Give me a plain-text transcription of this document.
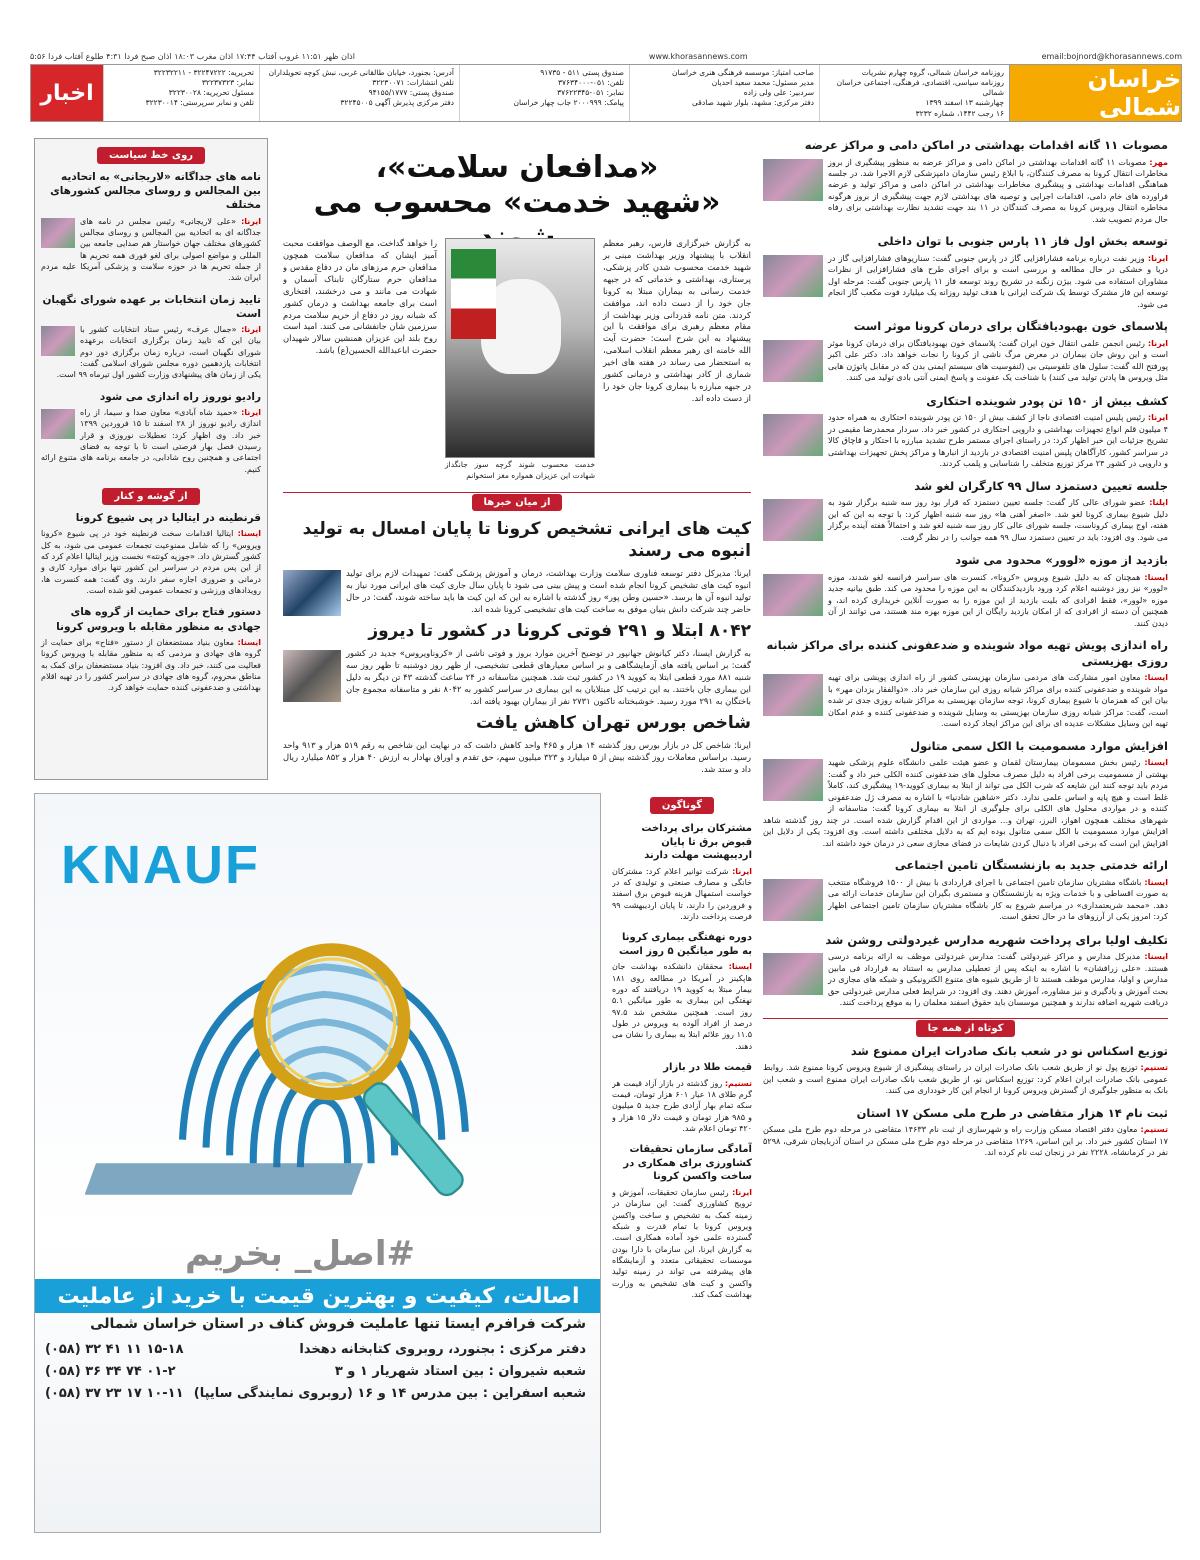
اذان ظهر ۱۱:۵۱ غروب آفتاب ۱۷:۴۴ اذان مغرب ۱۸:۰۳ اذان صبح فردا ۴:۳۱ طلوع آفتاب فردا ۵:۵۶	www.khorasannews.com	email:bojnord@khorasannews.com
خراسان شمالی
روزنامه خراسان شمالی، گروه چهارم نشریات
روزنامه سیاسی، اقتصادی، فرهنگی، اجتماعی خراسان شمالی
چهارشنبه ۱۳ اسفند ۱۳۹۹
۱۶ رجب ۱۴۴۲، شماره ۳۲۳۲
صاحب امتیاز: موسسه فرهنگی هنری خراسان
مدیر مسئول: محمد سعید احدیان
سردبیر: علی ولی زاده
دفتر مرکزی: مشهد، بلوار شهید صادقی
صندوق پستی ۵۱۱ - ۹۱۷۳۵
تلفن: ۰۵۱-۳۷۶۳۴۰۰۰
نمابر: ۰۵۱-۳۷۶۲۲۳۴۵
پیامک: ۲۰۰۰۹۹۹ جاب چهار خراسان
آدرس: بجنورد، خیابان طالقانی غربی، نبش کوچه تحویلداران
تلفن انتشارات: ۳۲۲۳۰۰۷۱
صندوق پستی: ۹۴۱۵۵/۱۷۷۷
دفتر مرکزی پذیرش آگهی ۳۲۲۴۵۰۰۵
تحریریه: ۳۲۲۴۷۲۲۲ - ۳۲۲۳۲۲۱۱
نمابر: ۳۲۲۳۷۳۲۳
مسئول تحریریه: ۳۲۲۳۰۰۲۸
تلفن و نمابر سرپرستی: ۳۲۲۳۰۰۱۴
اخبار
مصوبات ۱۱ گانه اقدامات بهداشتی در اماکن دامی و مراکز عرضه
مهر: مصوبات ۱۱ گانه اقدامات بهداشتی در اماکن دامی و مراکز عرضه به منظور پیشگیری از بروز مخاطرات انتقال کرونا به مصرف کنندگان، با ابلاغ رئیس سازمان دامپزشکی لازم الاجرا شد. در جلسه هماهنگی اقدامات بهداشتی و پیشگیری مخاطرات بهداشتی در اماکن دامی و مراکز تولید و عرضه فراورده های خام دامی، اقدامات اجرایی و توصیه های بهداشتی لازم جهت پیشگیری از بروز هرگونه مخاطره انتقال ویروس کرونا به مصرف کنندگان در ۱۱ بند جهت تشدید نظارت بهداشتی برای رفاه حال مردم تصویب شد.
توسعه بخش اول فاز ۱۱ پارس جنوبی با توان داخلی
ایرنا: وزیر نفت درباره برنامه فشارافزایی گاز در پارس جنوبی گفت: سناریوهای فشارافزایی گاز در دریا و خشکی در حال مطالعه و بررسی است و برای اجرای طرح های فشارافزایی از نظرات مشاوران استفاده می شود. بیژن زنگنه در تشریح روند توسعه فاز ۱۱ پارس جنوبی گفت: مرحله اول توسعه این فاز مشترک توسط یک شرکت ایرانی با هدف تولید روزانه یک میلیارد فوت مکعب گاز انجام می شود.
پلاسمای خون بهبودیافتگان برای درمان کرونا موثر است
ایرنا: رئیس انجمن علمی انتقال خون ایران گفت: پلاسمای خون بهبودیافتگان برای درمان کرونا موثر است و این روش جان بیماران در معرض مرگ ناشی از کرونا را نجات خواهد داد. دکتر علی اکبر پورفتح الله گفت: سلول های تلفوسیتی بی (لنفوسیت های سیستم ایمنی بدن که در مقابل پاتوژن هایی مثل ویروس ها پادتن تولید می کنند) با شناخت یک عفونت و پاسخ ایمنی آنتی بادی تولید می کنند.
کشف بیش از ۱۵۰ تن پودر شوینده احتکاری
ایرنا: رئیس پلیس امنیت اقتصادی ناجا از کشف بیش از ۱۵۰ تن پودر شوینده احتکاری به همراه حدود ۴ میلیون قلم انواع تجهیزات بهداشتی و دارویی احتکاری در کشور خبر داد. سردار محمدرضا مقیمی در تشریح جزئیات این خبر اظهار کرد: در راستای اجرای مستمر طرح تشدید مبارزه با احتکار و قاچاق کالا در سراسر کشور، کارآگاهان پلیس امنیت اقتصادی در بازدید از انبارها و مراکز پخش تجهیزات بهداشتی و دارویی در کشور ۲۴ مرکز توزیع متخلف را شناسایی و پلمب کردند.
جلسه تعیین دستمزد سال ۹۹ کارگران لغو شد
ایلنا: عضو شورای عالی کار گفت: جلسه تعیین دستمزد که قرار بود روز سه شنبه برگزار شود به دلیل شیوع بیماری کرونا لغو شد. «اصغر آهنی ها» روز سه شنبه اظهار کرد: با توجه به این که این هفته، اوج بیماری کروناست، جلسه شورای عالی کار روز سه شنبه لغو شد و احتمالاً هفته آینده برگزار می شود. وی افزود: باید در تعیین دستمزد سال ۹۹ همه جوانب را در نظر گرفت.
بازدید از موزه «لوور» محدود می شود
ایسنا: همچنان که به دلیل شیوع ویروس «کرونا»، کنسرت های سراسر فرانسه لغو شدند، موزه «لوور» نیز روز دوشنبه اعلام کرد ورود بازدیدکنندگان به این موزه را محدود می کند. طبق بیانیه جدید موزه «لوور»، فقط افرادی که بلیت بازدید از این موزه را به صورت آنلاین خریداری کرده اند، و همچنین آن دسته از افرادی که از امکان بازدید رایگان از این موزه بهره مند هستند، می توانند از آن دیدن کنند.
راه اندازی پویش تهیه مواد شوینده و ضدعفونی کننده برای مراکز شبانه روزی بهزیستی
ایسنا: معاون امور مشارکت های مردمی سازمان بهزیستی کشور از راه اندازی پویشی برای تهیه مواد شوینده و ضدعفونی کننده برای مراکز شبانه روزی این سازمان خبر داد. «ذوالفقار یزدان مهر» با بیان این که همزمان با شیوع بیماری کرونا، توجه سازمان بهزیستی به مراکز شبانه روزی جدی تر شده است، گفت: مراکز شبانه روزی سازمان بهزیستی به وسایل شوینده و ضدعفونی کننده و عدم امکان تهیه این وسایل مشکلات عدیده ای برای این مراکز ایجاد کرده است.
افزایش موارد مسمومیت با الکل سمی متانول
ایسنا: رئیس بخش مسمومان بیمارستان لقمان و عضو هیئت علمی دانشگاه علوم پزشکی شهید بهشتی از مسمومیت برخی افراد به دلیل مصرف محلول های ضدعفونی کننده الکلی خبر داد و گفت: مردم باید توجه کنند این شایعه که شرب الکل می تواند از ابتلا به بیماری کووید-۱۹ پیشگیری کند، کاملاً غلط است و هیچ پایه و اساس علمی ندارد. دکتر «شاهین شادنیا» با اشاره به مصرف ژل ضدعفونی کننده و در مواردی محلول های الکلی برای جلوگیری از ابتلا به بیماری کرونا گفت: متاسفانه از شهرهای مختلف همچون اهواز، البرز، تهران و... مواردی از این اقدام گزارش شده است. در چند روز گذشته شاهد افزایش موارد مسمومیت با الکل سمی متانول بوده ایم که به دلایل مختلفی داشته است. وی افزود: یکی از دلایل این افزایش این است که برخی افراد با دنبال کردن شایعات در فضای مجازی سعی در درمان خود داشته اند.
ارائه خدمتی جدید به بازنشستگان تامین اجتماعی
ایسنا: باشگاه مشتریان سازمان تامین اجتماعی با اجرای قراردادی با بیش از ۱۵۰۰ فروشگاه منتخب به صورت اقساطی و با خدمات ویژه به بازنشستگان و مستمری بگیران این سازمان خدمات ارائه می دهد. «محمد شریعتمداری» در مراسم شروع به کار باشگاه مشتریان سازمان تامین اجتماعی اظهار کرد: امروز یکی از آرزوهای ما در حال تحقق است.
تکلیف اولیا برای پرداخت شهریه مدارس غیردولتی روشن شد
ایسنا: مدیرکل مدارس و مراکز غیردولتی گفت: مدارس غیردولتی موظف به ارائه برنامه درسی هستند. «علی زرافشان» با اشاره به اینکه پس از تعطیلی مدارس به استناد به قرارداد فی مابین مدارس و اولیا، مدارس موظف هستند تا از طریق شیوه های متنوع الکترونیکی و شبکه های مجازی در بحث آموزش و یادگیری و نیز مشاوره، آموزش دهند. وی افزود: در شرایط فعلی مدارس غیردولتی حق دریافت شهریه اضافه ندارند و همچنین موسسان باید حقوق اسفند معلمان را به موقع پرداخت کنند.
کوتاه از همه جا
توزیع اسکناس نو در شعب بانک صادرات ایران ممنوع شد
تسنیم: توزیع پول نو از طریق شعب بانک صادرات ایران در راستای پیشگیری از شیوع ویروس کرونا ممنوع شد. روابط عمومی بانک صادرات ایران اعلام کرد: توزیع اسکناس نو، از طریق شعب بانک صادرات ایران ممنوع است و شعب این بانک به منظور جلوگیری از گسترش ویروس کرونا از انجام این کار خودداری می کنند.
ثبت نام ۱۴ هزار متقاضی در طرح ملی مسکن ۱۷ استان
تسنیم: معاون دفتر اقتصاد مسکن وزارت راه و شهرسازی از ثبت نام ۱۴۶۳۳ متقاضی در مرحله دوم طرح ملی مسکن ۱۷ استان کشور خبر داد. بر این اساس، ۱۲۶۹ متقاضی در مرحله دوم طرح ملی مسکن در استان آذربایجان شرقی، ۵۲۹۸ نفر در کرمانشاه، ۲۲۲۸ نفر در زنجان ثبت نام کرده اند.
«مدافعان سلامت»،
«شهید خدمت» محسوب می
به گزارش خبرگزاری فارس، رهبر معظم انقلاب با پیشنهاد وزیر بهداشت مبنی بر شهید خدمت محسوب شدن کادر پزشکی، پرستاری، بهداشتی و خدماتی که در جبهه خدمت رسانی به بیماران مبتلا به کرونا جان خود را از دست داده اند، موافقت کردند. متن نامه قدردانی وزیر بهداشت از مقام معظم رهبری برای موافقت با این پیشنهاد به این شرح است: حضرت آیت الله خامنه ای رهبر معظم انقلاب اسلامی، به استحضار می رساند در هفته های اخیر شماری از کادر بهداشتی و درمانی کشور در جبهه مبارزه با بیماری کرونا جان خود را از دست داده اند.
خدمت محسوب شوند گرچه سوز جانگداز شهادت این عزیزان همواره مغز استخوانم
را خواهد گداخت، مع الوصف موافقت محبت آمیز ایشان که مدافعان سلامت همچون مدافعان حرم مرزهای مان در دفاع مقدس و مدافعان حرم ستارگان تابناک آسمان و شهادت می مانند و می درخشند، افتخاری است برای جامعه بهداشت و درمان کشور که شبانه روز در دفاع از حریم سلامت مردم سرزمین شان جانفشانی می کنند. امید است روح بلند این عزیزان همنشین سالار شهیدان حضرت اباعبدالله الحسین(ع) باشد.
از میان خبرها
کیت های ایرانی تشخیص کرونا تا پایان امسال به تولید انبوه می رسند
ایرنا: مدیرکل دفتر توسعه فناوری سلامت وزارت بهداشت، درمان و آموزش پزشکی گفت: تمهیدات لازم برای تولید انبوه کیت های تشخیص کرونا انجام شده است و پیش بینی می شود تا پایان سال جاری کیت های ایرانی مورد نیاز به تولید انبوه آن ها برسد. «حسین وطن پور» روز گذشته با اشاره به این که این کیت ها باید ساخته شوند، گفت: در حال حاضر چند شرکت دانش بنیان موفق به ساخت کیت های تشخیصی کرونا شده اند.
۸۰۴۲ ابتلا و ۲۹۱ فوتی کرونا در کشور تا دیروز
به گزارش ایسنا، دکتر کیانوش جهانپور در توضیح آخرین موارد بروز و فوتی ناشی از «کروناویروس» جدید در کشور گفت: بر اساس یافته های آزمایشگاهی و بر اساس معیارهای قطعی تشخیصی، از ظهر روز دوشنبه تا ظهر روز سه شنبه ۸۸۱ مورد قطعی ابتلا به کووید ۱۹ در کشور ثبت شد. همچنین متاسفانه در ۲۴ ساعت گذشته ۴۳ تن دیگر به دلیل این بیماری جان باختند. به این ترتیب کل مبتلایان به این بیماری در سراسر کشور به ۸۰۴۲ نفر و متاسفانه مجموع جان باختگان به ۲۹۱ مورد رسید. خوشبختانه تاکنون ۲۷۳۱ نفر از بیماران بهبود یافته اند.
شاخص بورس تهران کاهش یافت
ایرنا: شاخص کل در بازار بورس روز گذشته ۱۴ هزار و ۴۶۵ واحد کاهش داشت که در نهایت این شاخص به رقم ۵۱۹ هزار و ۹۱۳ واحد رسید. براساس معاملات روز گذشته بیش از ۵ میلیارد و ۳۲۳ میلیون سهم، حق تقدم و اوراق بهادار به ارزش ۴۰ هزار و ۸۵۲ میلیارد ریال داد و ستد شد.
روی خط سیاست
نامه های جداگانه «لاریجانی» به اتحادیه بین المجالس و روسای مجالس کشورهای مختلف
ایرنا: «علی لاریجانی» رئیس مجلس در نامه های جداگانه ای به اتحادیه بین المجالس و روسای مجالس کشورهای مختلف جهان خواستار هم صدایی جامعه بین المللی و مواضع اصولی برای لغو فوری همه تحریم ها از جمله تحریم ها در حوزه سلامت و پزشکی آمریکا علیه مردم ایران شد.
تایید زمان انتخابات بر عهده شورای نگهبان است
ایرنا: «جمال عرف» رئیس ستاد انتخابات کشور با بیان این که تایید زمان برگزاری انتخابات برعهده شورای نگهبان است، درباره زمان برگزاری دور دوم انتخابات یازدهمین دوره مجلس شورای اسلامی گفت: یکی از زمان های پیشنهادی وزارت کشور اول تیرماه ۹۹ است.
رادیو نوروز راه اندازی می شود
ایرنا: «حمید شاه آبادی» معاون صدا و سیما، از راه اندازی رادیو نوروز از ۲۸ اسفند تا ۱۵ فروردین ۱۳۹۹ خبر داد. وی اظهار کرد: تعطیلات نوروزی و قرار رسیدن فصل بهار فرصتی است تا با توجه به فضای اجتماعی و همچنین روح شادابی، در جامعه برنامه های متنوع ارائه کنیم.
از گوشه و کنار
قرنطینه در ایتالیا در پی شیوع کرونا
ایسنا: ایتالیا اقدامات سخت قرنطینه خود در پی شیوع «کرونا ویروس» را که شامل ممنوعیت تجمعات عمومی می شود، به کل کشور گسترش داد. «جوزپه کونته» نخست وزیر ایتالیا اعلام کرد که از این پس مردم در سراسر این کشور تنها برای موارد کاری و درمانی و ضروری اجازه سفر دارند. وی گفت: همه کنسرت ها، رویدادهای ورزشی و تجمعات عمومی لغو شده است.
دستور فتاح برای حمایت از گروه های جهادی به منظور مقابله با ویروس کرونا
ایسنا: معاون بنیاد مستضعفان از دستور «فتاح» برای حمایت از گروه های جهادی و مردمی که به منظور مقابله با ویروس کرونا فعالیت می کنند، خبر داد. وی افزود: بنیاد مستضعفان برای کمک به مناطق محروم، گروه های جهادی در سراسر کشور را در تهیه اقلام بهداشتی و ضدعفونی کننده حمایت خواهد کرد.
گوناگون
مشترکان برای پرداخت قبوض برق تا پایان اردیبهشت مهلت دارند
ایرنا: شرکت توانیر اعلام کرد: مشترکان خانگی و مصارف صنعتی و تولیدی که در خواست استمهال هزینه قبوض برق اسفند و فروردین را دارند، تا پایان اردیبهشت ۹۹ فرصت پرداخت دارند.
دوره نهفتگی بیماری کرونا به طور میانگین ۵ روز است
ایسنا: محققان دانشکده بهداشت جان هاپکینز در آمریکا در مطالعه روی ۱۸۱ بیمار مبتلا به کووید ۱۹ دریافتند که دوره نهفتگی این بیماری به طور میانگین ۵.۱ روز است. همچنین مشخص شد ۹۷.۵ درصد از افراد آلوده به ویروس در طول ۱۱.۵ روز علائم ابتلا به بیماری را نشان می دهند.
قیمت طلا در بازار
تسنیم: روز گذشته در بازار آزاد قیمت هر گرم طلای ۱۸ عیار ۶۰۱ هزار تومان، قیمت سکه تمام بهار آزادی طرح جدید ۵ میلیون و ۹۸۵ هزار تومان و قیمت دلار ۱۵ هزار و ۴۲۰ تومان اعلام شد.
آمادگی سازمان تحقیقات کشاورزی برای همکاری در ساخت واکسن کرونا
ایرنا: رئیس سازمان تحقیقات، آموزش و ترویج کشاورزی گفت: این سازمان در زمینه کمک به تشخیص و ساخت واکسن ویروس کرونا با تمام قدرت و شبکه گسترده علمی خود آماده همکاری است. به گزارش ایرنا، این سازمان با دارا بودن موسسات تحقیقاتی متعدد و آزمایشگاه های پیشرفته می تواند در زمینه تولید واکسن و کیت های تشخیص به وزارت بهداشت کمک کند.
KNAUF
#اصل_ بخریم
اصالت، کیفیت و بهترین قیمت با خرید از عاملیت
شرکت فرافرم ایستا تنها عاملیت فروش کناف در استان خراسان شمالی
دفتر مرکزی : بجنورد، روبروی کتابخانه دهخدا
(۰۵۸) ۳۲ ۴۱ ۱۱ ۱۵-۱۸
شعبه شیروان : بین استاد شهریار ۱ و ۳
(۰۵۸) ۳۶ ۳۴ ۷۴ ۰۱-۲
شعبه اسفراین : بین مدرس ۱۴ و ۱۶ (روبروی نمایندگی سایپا)
(۰۵۸) ۳۷ ۲۳ ۱۷ ۱۰-۱۱
